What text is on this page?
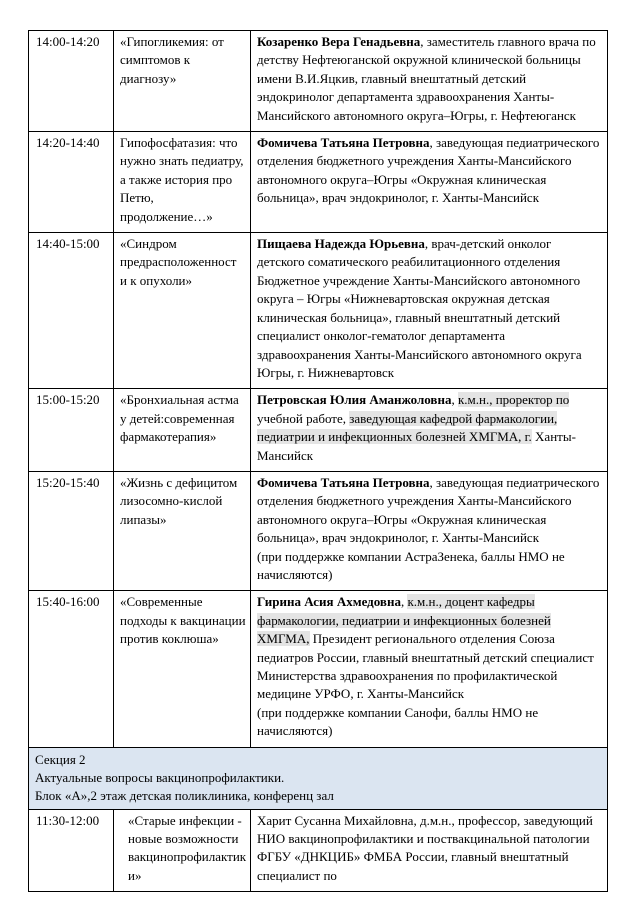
14:00-14:20	«Гипогликемия: от симптомов к диагнозу»	Козаренко Вера Генадьевна, заместитель главного врача по детству Нефтеюганской окружной клинической больницы имени В.И.Яцкив, главный внештатный детский эндокринолог департамента здравоохранения Ханты-Мансийского автономного округа–Югры, г. Нефтеюганск
14:20-14:40	Гипофосфатазия: что нужно знать педиатру, а также история про Петю, продолжение…»	Фомичева Татьяна Петровна, заведующая педиатрического отделения бюджетного учреждения Ханты-Мансийского автономного округа–Югры «Окружная клиническая больница», врач эндокринолог, г. Ханты-Мансийск
14:40-15:00	«Синдром предрасположенност и к опухоли»	Пищаева Надежда Юрьевна, врач-детский онколог детского соматического реабилитационного отделения Бюджетное учреждение Ханты-Мансийского автономного округа – Югры «Нижневартовская окружная детская клиническая больница», главный внештатный детский специалист онколог-гематолог департамента здравоохранения Ханты-Мансийского автономного округа Югры, г. Нижневартовск
15:00-15:20	«Бронхиальная астма у детей:современная фармакотерапия»	Петровская Юлия Аманжоловна, к.м.н., проректор по учебной работе, заведующая кафедрой фармакологии, педиатрии и инфекционных болезней ХМГМА, г. Ханты-Мансийск
15:20-15:40	«Жизнь с дефицитом лизосомно-кислой липазы»	Фомичева Татьяна Петровна, заведующая педиатрического отделения бюджетного учреждения Ханты-Мансийского автономного округа–Югры «Окружная клиническая больница», врач эндокринолог, г. Ханты-Мансийск
(при поддержке компании АстраЗенека, баллы НМО не начисляются)

15:40-16:00	«Современные подходы к вакцинации против коклюша»	Гирина Асия Ахмедовна, к.м.н., доцент кафедры фармакологии, педиатрии и инфекционных болезней ХМГМА, Президент регионального отделения Союза педиатров России, главный внештатный детский специалист Министерства здравоохранения по профилактической медицине УРФО, г. Ханты-Мансийск
(при поддержке компании Санофи, баллы НМО не начисляются)

Секция 2
Актуальные вопросы вакцинопрофилактики.
Блок «А»,2 этаж детская поликлиника, конференц зал		

11:30-12:00	«Старые инфекции - новые возможности вакцинопрофилактик и»	Харит Сусанна Михайловна, д.м.н., профессор, заведующий НИО вакцинопрофилактики и поствакцинальной патологии ФГБУ «ДНКЦИБ» ФМБА России, главный внештатный специалист по
